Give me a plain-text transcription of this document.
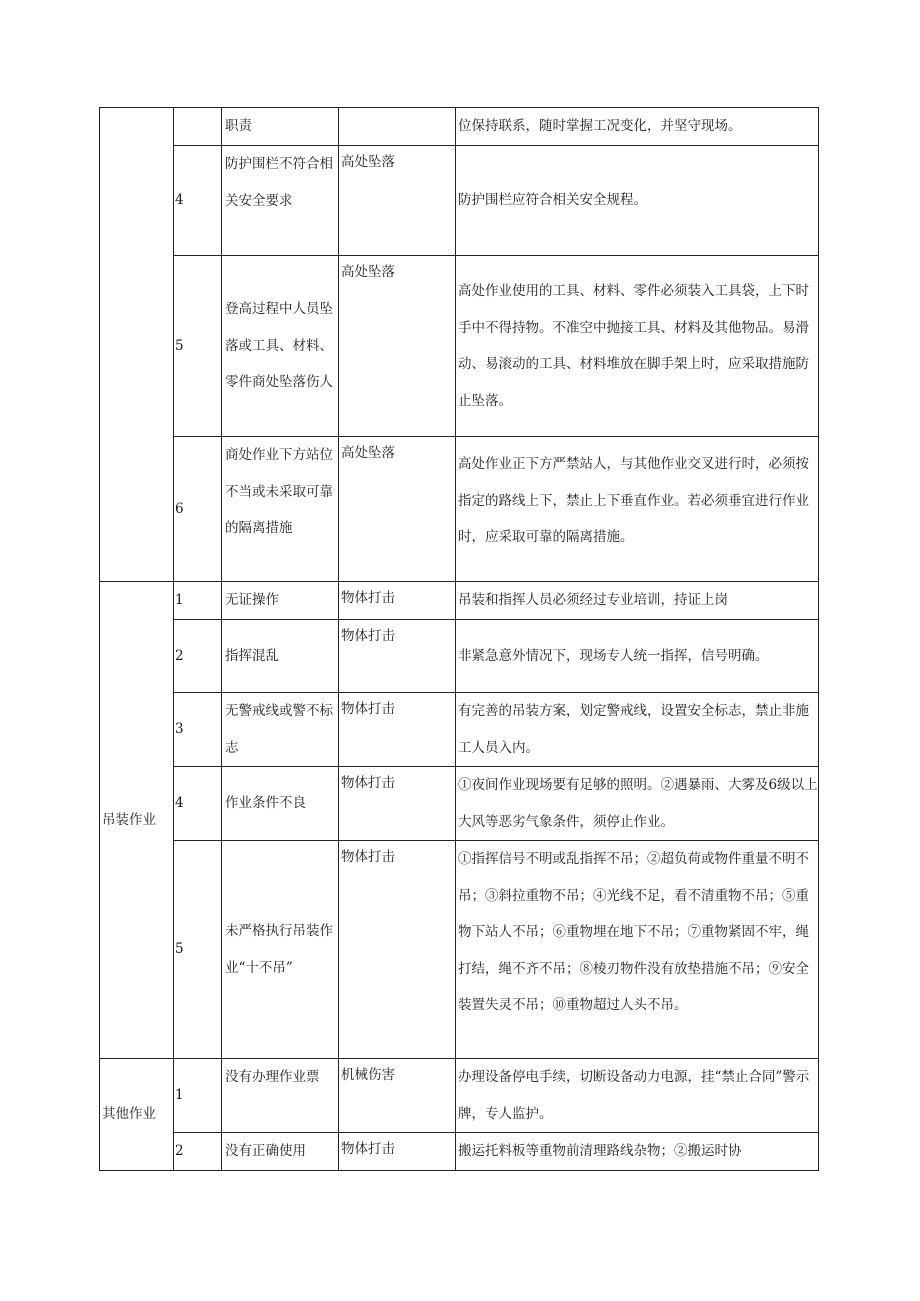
		职责		位保持联系，随时掌握工况变化，并坚守现场。
	4	防护围栏不符合相关安全要求	高处坠落	防护围栏应符合相关安全规程。
	5	登高过程中人员坠落或工具、材料、零件商处坠落伤人	高处坠落	高处作业使用的工具、材料、零件必须装入工具袋，上下时手中不得持物。不准空中抛接工具、材料及其他物品。易滑动、易滚动的工具、材料堆放在脚手架上时，应采取措施防止坠落。
	6	商处作业下方站位不当或未采取可靠的隔离措施	高处坠落	高处作业正下方严禁站人，与其他作业交叉进行时，必须按指定的路线上下，禁止上下垂直作业。若必须垂宜进行作业时，应采取可靠的隔离措施。
吊装作业	1	无证操作	物体打击	吊装和指挥人员必须经过专业培训，持证上岗
	2	指挥混乱	物体打击	非紧急意外情况下，现场专人统一指挥，信号明确。
	3	无警戒线或警不标志	物体打击	有完善的吊装方案，划定警戒线，设置安全标志，禁止非施工人员入内。
	4	作业条件不良	物体打击	①夜间作业现场要有足够的照明。②遇暴雨、大雾及6级以上大风等恶劣气象条件，须停止作业。
	5	未严格执行吊装作业“十不吊”	物体打击	①指挥信号不明或乱指挥不吊；②超负荷或物件重量不明不吊；③斜拉重物不吊；④光线不足，看不清重物不吊；⑤重物下站人不吊；⑥重物埋在地下不吊；⑦重物紧固不牢，绳打结，绳不齐不吊；⑧棱刃物件没有放垫措施不吊；⑨安全装置失灵不吊；⑩重物超过人头不吊。
其他作业	1	没有办理作业票	机械伤害	办理设备停电手续，切断设备动力电源，挂“禁止合同”警示牌，专人监护。
	2	没有正确使用	物体打击	搬运托料板等重物前清理路线杂物；②搬运时协
